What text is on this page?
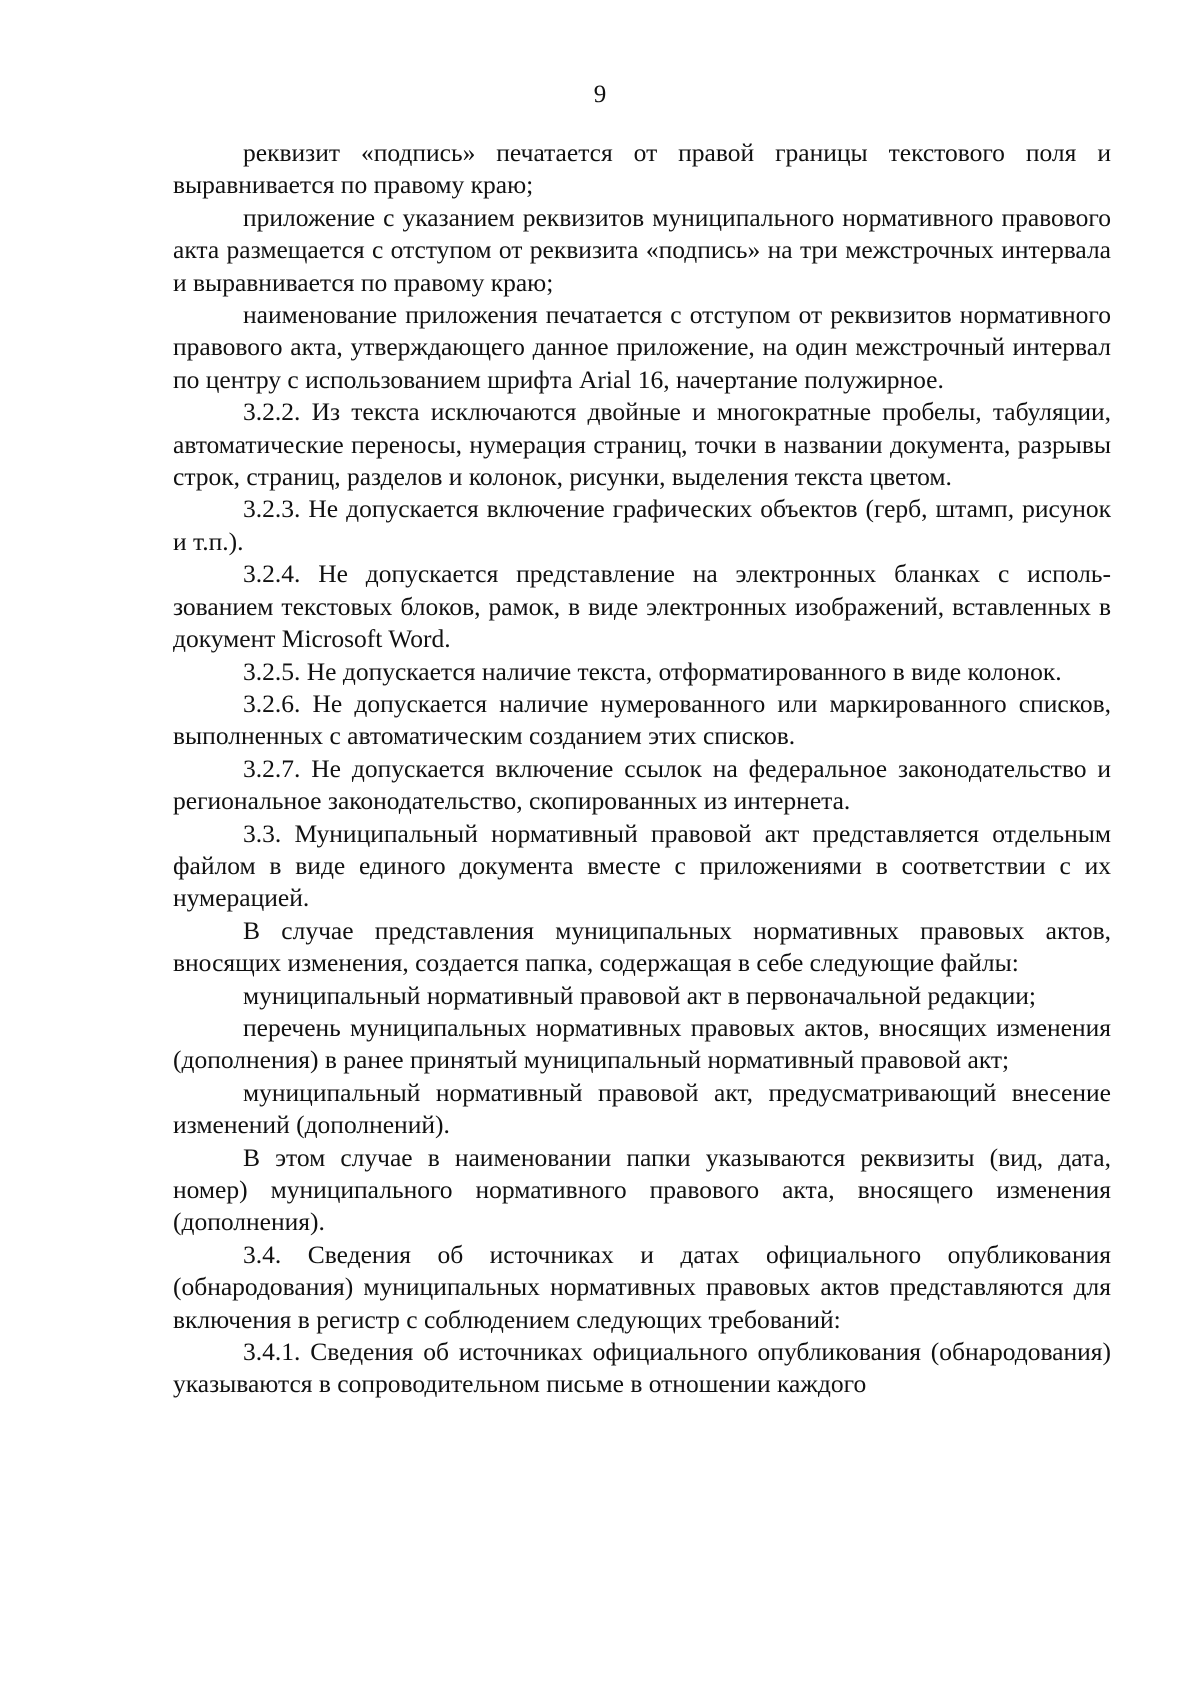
9

реквизит «подпись» печатается от правой границы текстового поля и выравнивается по правому краю;

приложение с указанием реквизитов муниципального нормативного правового акта размещается с отступом от реквизита «подпись» на три межстрочных интервала и выравнивается по правому краю;

наименование приложения печатается с отступом от реквизитов нормативного правового акта, утверждающего данное приложение, на один межстрочный интервал по центру с использованием шрифта Arial 16, начертание полужирное.

3.2.2. Из текста исключаются двойные и многократные пробелы, табуляции, автоматические переносы, нумерация страниц, точки в названии документа, разрывы строк, страниц, разделов и колонок, рисунки, выделения текста цветом.

3.2.3. Не допускается включение графических объектов (герб, штамп, рисунок и т.п.).

3.2.4. Не допускается представление на электронных бланках с использованием текстовых блоков, рамок, в виде электронных изображений, вставленных в документ Microsoft Word.

3.2.5. Не допускается наличие текста, отформатированного в виде колонок.

3.2.6. Не допускается наличие нумерованного или маркированного списков, выполненных с автоматическим созданием этих списков.

3.2.7. Не допускается включение ссылок на федеральное законодательство и региональное законодательство, скопированных из интернета.

3.3. Муниципальный нормативный правовой акт представляется отдельным файлом в виде единого документа вместе с приложениями в соответствии с их нумерацией.

В случае представления муниципальных нормативных правовых актов, вносящих изменения, создается папка, содержащая в себе следующие файлы:

муниципальный нормативный правовой акт в первоначальной редакции;

перечень муниципальных нормативных правовых актов, вносящих изменения (дополнения) в ранее принятый муниципальный нормативный правовой акт;

муниципальный нормативный правовой акт, предусматривающий внесение изменений (дополнений).

В этом случае в наименовании папки указываются реквизиты (вид, дата, номер) муниципального нормативного правового акта, вносящего изменения (дополнения).

3.4. Сведения об источниках и датах официального опубликования (обнародования) муниципальных нормативных правовых актов представляются для включения в регистр с соблюдением следующих требований:

3.4.1. Сведения об источниках официального опубликования (обнародования) указываются в сопроводительном письме в отношении каждого
